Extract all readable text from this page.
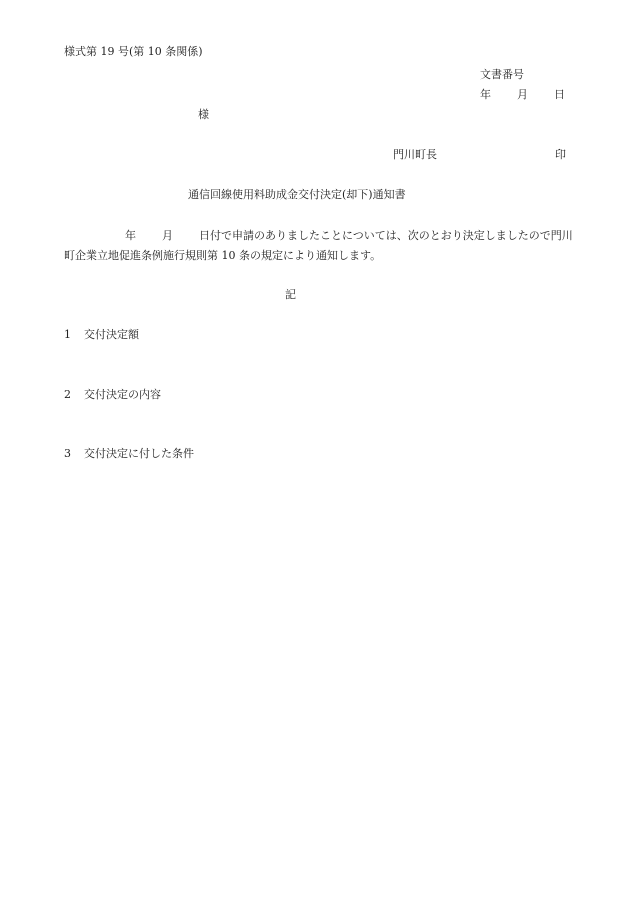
様式第 19 号(第 10 条関係)
文書番号
年 月 日
様
門川町長	印
通信回線使用料助成金交付決定(却下)通知書
年 月 日付で申請のありましたことについては、次のとおり決定しましたので門川町企業立地促進条例施行規則第 10 条の規定により通知します。
記
1 交付決定額
2 交付決定の内容
3 交付決定に付した条件
